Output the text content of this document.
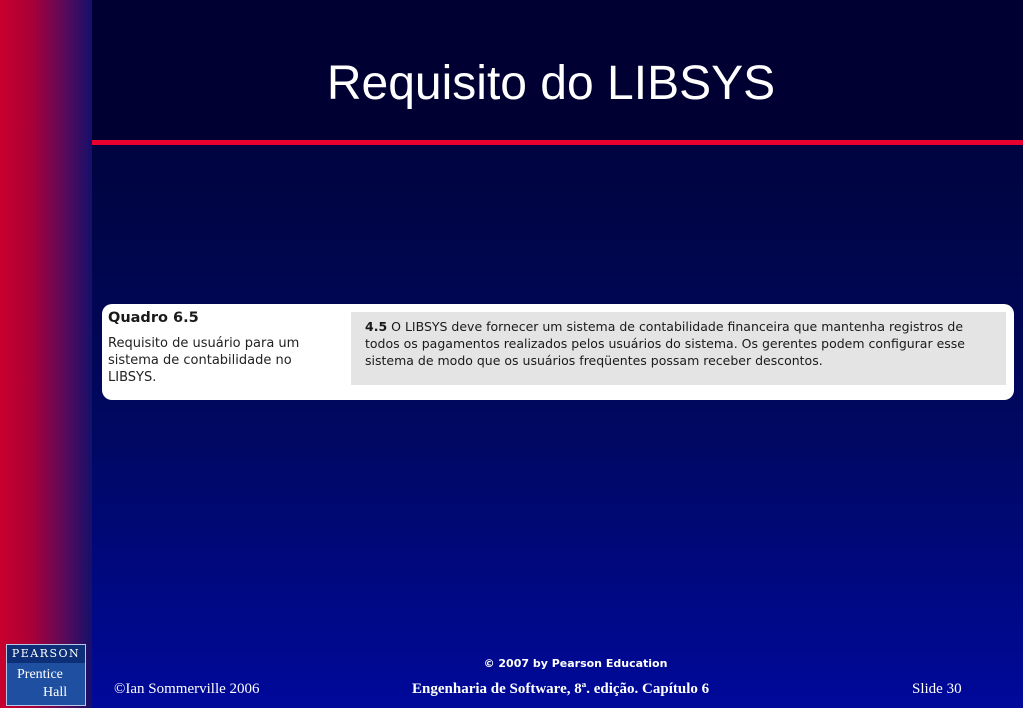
Requisito do LIBSYS
Quadro 6.5
Requisito de usuário para um sistema de contabilidade no LIBSYS.
4.5 O LIBSYS deve fornecer um sistema de contabilidade financeira que mantenha registros de todos os pagamentos realizados pelos usuários do sistema. Os gerentes podem configurar esse sistema de modo que os usuários freqüentes possam receber descontos.
PEARSON
Prentice
Hall
© 2007 by Pearson Education
©Ian Sommerville 2006	Engenharia de Software, 8ª. edição. Capítulo 6	Slide 30
